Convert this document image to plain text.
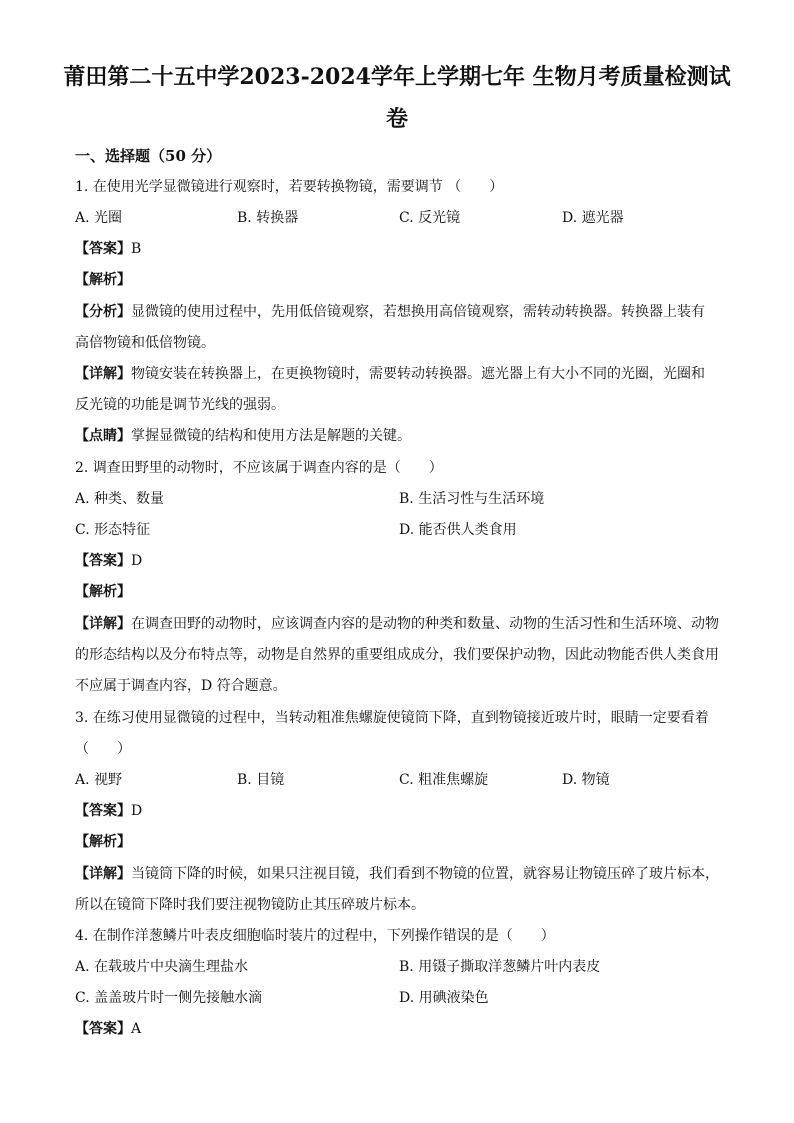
莆田第二十五中学2023-2024学年上学期七年 生物月考质量检测试
卷
一、选择题（50 分）
1. 在使用光学显微镜进行观察时，若要转换物镜，需要调节 （　　）
A. 光圈	B. 转换器	C. 反光镜	D. 遮光器
【答案】B
【解析】
【分析】显微镜的使用过程中，先用低倍镜观察，若想换用高倍镜观察，需转动转换器。转换器上装有
高倍物镜和低倍物镜。
【详解】物镜安装在转换器上，在更换物镜时，需要转动转换器。遮光器上有大小不同的光圈，光圈和
反光镜的功能是调节光线的强弱。
【点睛】掌握显微镜的结构和使用方法是解题的关键。
2. 调查田野里的动物时，不应该属于调查内容的是（　　）
A. 种类、数量	B. 生活习性与生活环境
C. 形态特征	D. 能否供人类食用
【答案】D
【解析】
【详解】在调查田野的动物时，应该调查内容的是动物的种类和数量、动物的生活习性和生活环境、动物
的形态结构以及分布特点等，动物是自然界的重要组成成分，我们要保护动物，因此动物能否供人类食用
不应属于调查内容，D 符合题意。
3. 在练习使用显微镜的过程中，当转动粗准焦螺旋使镜筒下降，直到物镜接近玻片时，眼睛一定要看着
（　　）
A. 视野	B. 目镜	C. 粗准焦螺旋	D. 物镜
【答案】D
【解析】
【详解】当镜筒下降的时候，如果只注视目镜，我们看到不物镜的位置，就容易让物镜压碎了玻片标本，
所以在镜筒下降时我们要注视物镜防止其压碎玻片标本。
4. 在制作洋葱鳞片叶表皮细胞临时装片的过程中，下列操作错误的是（　　）
A. 在载玻片中央滴生理盐水	B. 用镊子撕取洋葱鳞片叶内表皮
C. 盖盖玻片时一侧先接触水滴	D. 用碘液染色
【答案】A
